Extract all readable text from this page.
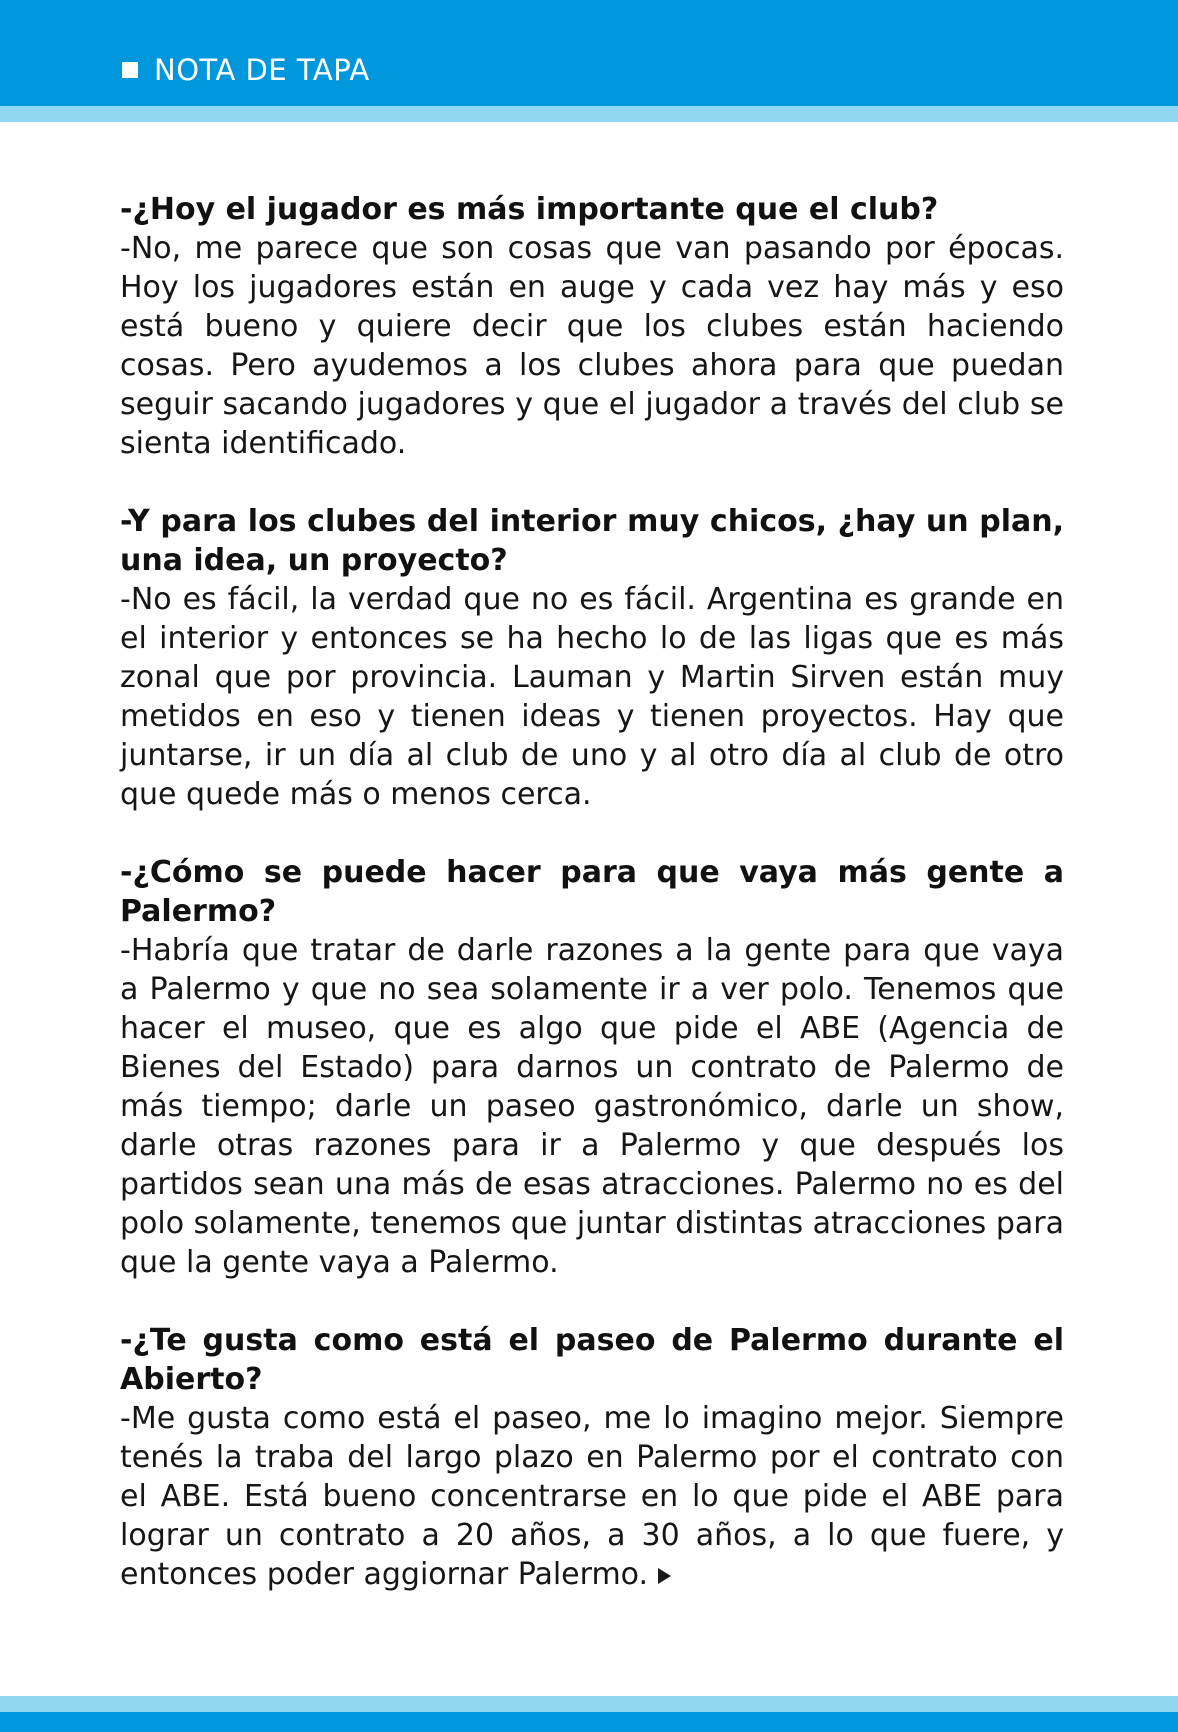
NOTA DE TAPA

-¿Hoy el jugador es más importante que el club?

-No, me parece que son cosas que van pasando por épocas. Hoy los jugadores están en auge y cada vez hay más y eso está bueno y quiere decir que los clubes están haciendo cosas. Pero ayudemos a los clubes ahora para que puedan seguir sacando jugadores y que el jugador a través del club se sienta identificado.

-Y para los clubes del interior muy chicos, ¿hay un plan, una idea, un proyecto?

-No es fácil, la verdad que no es fácil. Argentina es grande en el interior y entonces se ha hecho lo de las ligas que es más zonal que por provincia. Lauman y Martin Sirven están muy metidos en eso y tienen ideas y tienen proyectos. Hay que juntarse, ir un día al club de uno y al otro día al club de otro que quede más o menos cerca.

-¿Cómo se puede hacer para que vaya más gente a Palermo?

-Habría que tratar de darle razones a la gente para que vaya a Palermo y que no sea solamente ir a ver polo. Tenemos que hacer el museo, que es algo que pide el ABE (Agencia de Bienes del Estado) para darnos un contrato de Palermo de más tiempo; darle un paseo gastronómico, darle un show, darle otras razones para ir a Palermo y que después los partidos sean una más de esas atracciones. Palermo no es del polo solamente, tenemos que juntar distintas atracciones para que la gente vaya a Palermo.

-¿Te gusta como está el paseo de Palermo durante el Abierto?

-Me gusta como está el paseo, me lo imagino mejor. Siempre tenés la traba del largo plazo en Palermo por el contrato con el ABE. Está bueno concentrarse en lo que pide el ABE para lograr un contrato a 20 años, a 30 años, a lo que fuere, y entonces poder aggiornar Palermo.
